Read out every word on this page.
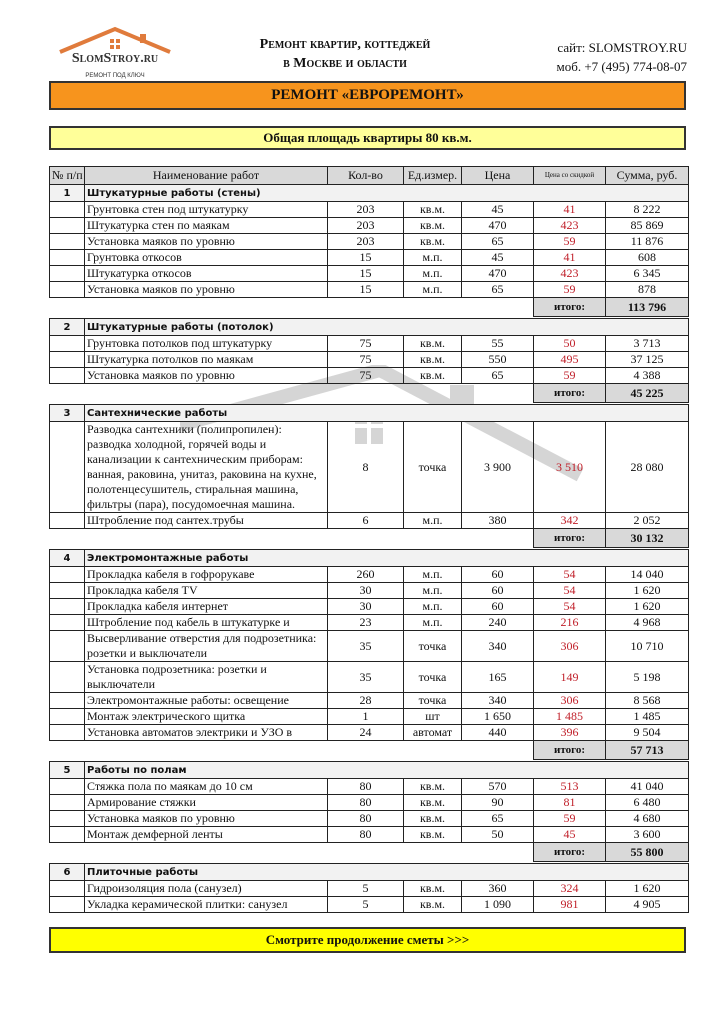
SlomStroy.ru
РЕМОНТ ПОД КЛЮЧ
Ремонт квартир, коттеджей
в Москве и области
сайт: SLOMSTROY.RU
моб. +7 (495) 774-08-07
РЕМОНТ «ЕВРОРЕМОНТ»
Общая площадь квартиры 80 кв.м.
№ п/п	Наименование работ	Кол-во	Ед.измер.	Цена	Цена со скидкой	Сумма, руб.
1	Штукатурные работы (стены)					
	Грунтовка стен под штукатурку	203	кв.м.	45	41	8 222
	Штукатурка стен по маякам	203	кв.м.	470	423	85 869
	Установка маяков по уровню	203	кв.м.	65	59	11 876
	Грунтовка откосов	15	м.п.	45	41	608
	Штукатурка откосов	15	м.п.	470	423	6 345
	Установка маяков по уровню	15	м.п.	65	59	878
					итого:	113 796

2	Штукатурные работы (потолок)					
	Грунтовка потолков под штукатурку	75	кв.м.	55	50	3 713
	Штукатурка потолков по маякам	75	кв.м.	550	495	37 125
	Установка маяков по уровню	75	кв.м.	65	59	4 388
					итого:	45 225

3	Сантехнические работы					
	Разводка сантехники (полипропилен): разводка холодной, горячей воды и канализации к сантехническим приборам: ванная, раковина, унитаз, раковина на кухне, полотенцесушитель, стиральная машина, фильтры (пара), посудомоечная машина.	8	точка	3 900	3 510	28 080
	Штробление под сантех.трубы	6	м.п.	380	342	2 052
					итого:	30 132

4	Электромонтажные работы					
	Прокладка кабеля в гофрорукаве	260	м.п.	60	54	14 040
	Прокладка кабеля TV	30	м.п.	60	54	1 620
	Прокладка кабеля интернет	30	м.п.	60	54	1 620
	Штробление под кабель в штукатурке и	23	м.п.	240	216	4 968
	Высверливание отверстия для подрозетника: розетки и выключатели	35	точка	340	306	10 710
	Установка подрозетника: розетки и выключатели	35	точка	165	149	5 198
	Электромонтажные работы: освещение	28	точка	340	306	8 568
	Монтаж электрического щитка	1	шт	1 650	1 485	1 485
	Установка автоматов электрики и УЗО в	24	автомат	440	396	9 504
					итого:	57 713

5	Работы по полам					
	Стяжка пола по маякам до 10 см	80	кв.м.	570	513	41 040
	Армирование стяжки	80	кв.м.	90	81	6 480
	Установка маяков по уровню	80	кв.м.	65	59	4 680
	Монтаж демферной ленты	80	кв.м.	50	45	3 600
					итого:	55 800

6	Плиточные работы					
	Гидроизоляция пола (санузел)	5	кв.м.	360	324	1 620
	Укладка керамической плитки: санузел	5	кв.м.	1 090	981	4 905
Смотрите продолжение сметы >>>
